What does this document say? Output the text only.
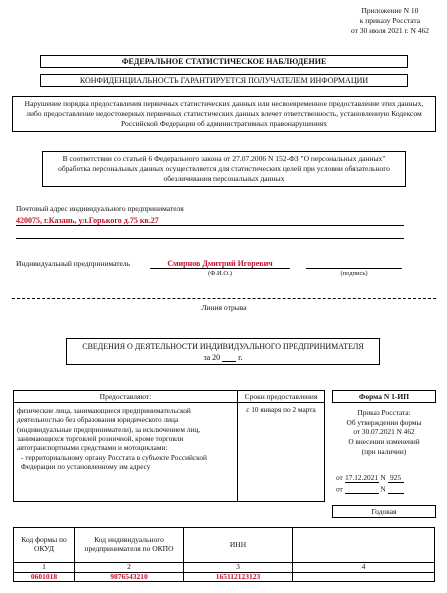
Приложение N 10
к приказу Росстата
от 30 июля 2021 г. N 462
ФЕДЕРАЛЬНОЕ СТАТИСТИЧЕСКОЕ НАБЛЮДЕНИЕ
КОНФИДЕНЦИАЛЬНОСТЬ ГАРАНТИРУЕТСЯ ПОЛУЧАТЕЛЕМ ИНФОРМАЦИИ
Нарушение порядка предоставления первичных статистических данных или несвоевременное предоставление этих данных, либо предоставление недостоверных первичных статистических данных влечет ответственность, установленную Кодексом Российской Федерации об административных правонарушениях
В соответствии со статьей 6 Федерального закона от 27.07.2006 N 152-ФЗ "О персональных данных" обработка персональных данных осуществляется для статистических целей при условии обязательного обезличивания персональных данных
Почтовый адрес индивидуального предпринимателя
420075, г.Казань, ул.Горького д.75 кв.27
Индивидуальный предприниматель	Смирнов Дмитрий Игоревич
(Ф.И.О.)	(подпись)
Линия отрыва
СВЕДЕНИЯ О ДЕЯТЕЛЬНОСТИ ИНДИВИДУАЛЬНОГО ПРЕДПРИНИМАТЕЛЯ
за 20 г.
Предоставляют:	Сроки предоставления
физические лица, занимающиеся предпринимательской деятельностью без образования юридического лица (индивидуальные предприниматели), за исключением лиц, занимающихся торговлей розничной, кроме торговли автотранспортными средствами и мотоциклами:
- территориальному органу Росстата в субъекте Российской Федерации по установленному им адресу
с 10 января по 2 марта
Форма N 1-ИП
Приказ Росстата:
Об утверждении формы
от 30.07.2021 N 462
О внесении изменений
(при наличии)
от 17.12.2021 N 925
от	N
Годовая
Код формы по ОКУД	Код индивидуального предпринимателя по ОКПО	ИНН	
1	2	3	4
0601018	9876543210	165112123123	
